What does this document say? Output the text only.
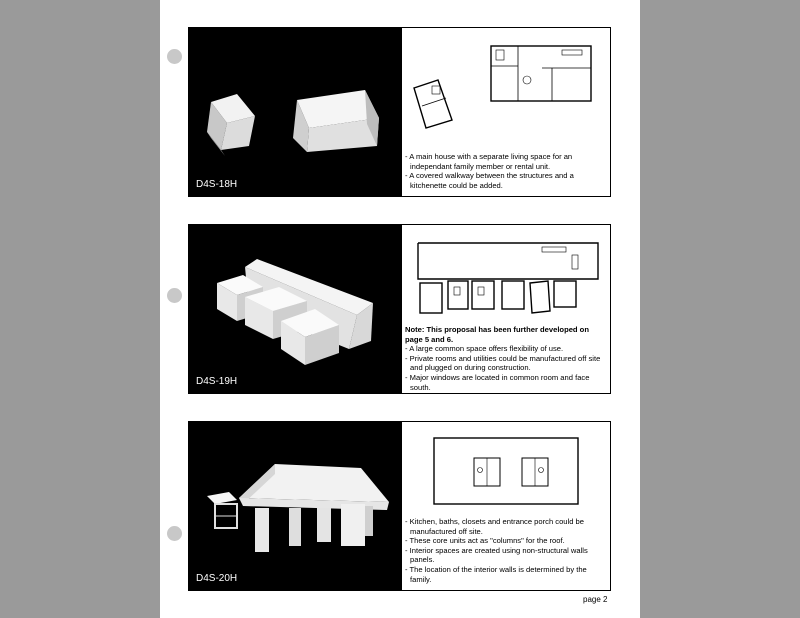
D4S-18H

- A main house with a separate living space for an independant family member or rental unit.

- A covered walkway between the structures and a kitchenette could be added.

D4S-19H

Note: This proposal has been further developed on page 5 and 6.

- A large common space offers flexibility of use.

- Private rooms and utilities could be manufactured off site and plugged on during construction.

- Major windows are located in common room and face south.

D4S-20H

- Kitchen, baths, closets and entrance porch could be manufactured off site.

- These core units act as "columns" for the roof.

- Interior spaces are created using non-structural walls panels.

- The location of the interior walls is determined by the family.

page 2
